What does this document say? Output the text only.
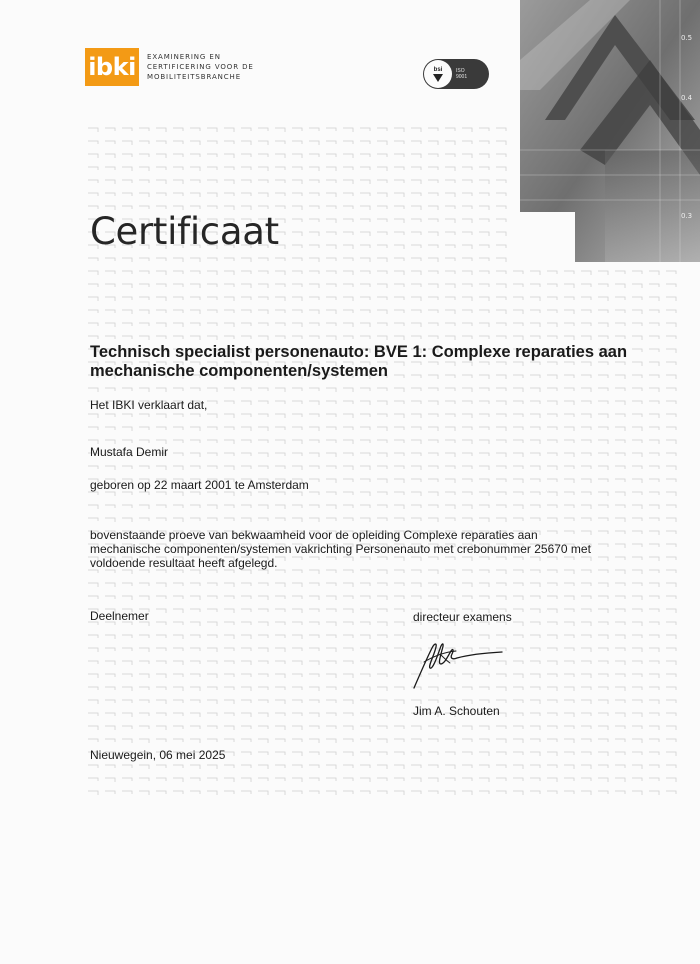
ibki	EXAMINERING EN
CERTIFICERING VOOR DE
MOBILITEITSBRANCHE
bsi	ISO
9001
0.5
0.4
0.3
Certificaat
Technisch specialist personenauto: BVE 1: Complexe reparaties aan mechanische componenten/systemen

Het IBKI verklaart dat,

Mustafa Demir

geboren op 22 maart 2001 te Amsterdam

bovenstaande proeve van bekwaamheid voor de opleiding Complexe reparaties aan mechanische componenten/systemen vakrichting Personenauto met crebonummer 25670 met voldoende resultaat heeft afgelegd.

Deelnemer	directeur examens
Jim A. Schouten
Nieuwegein, 06 mei 2025
